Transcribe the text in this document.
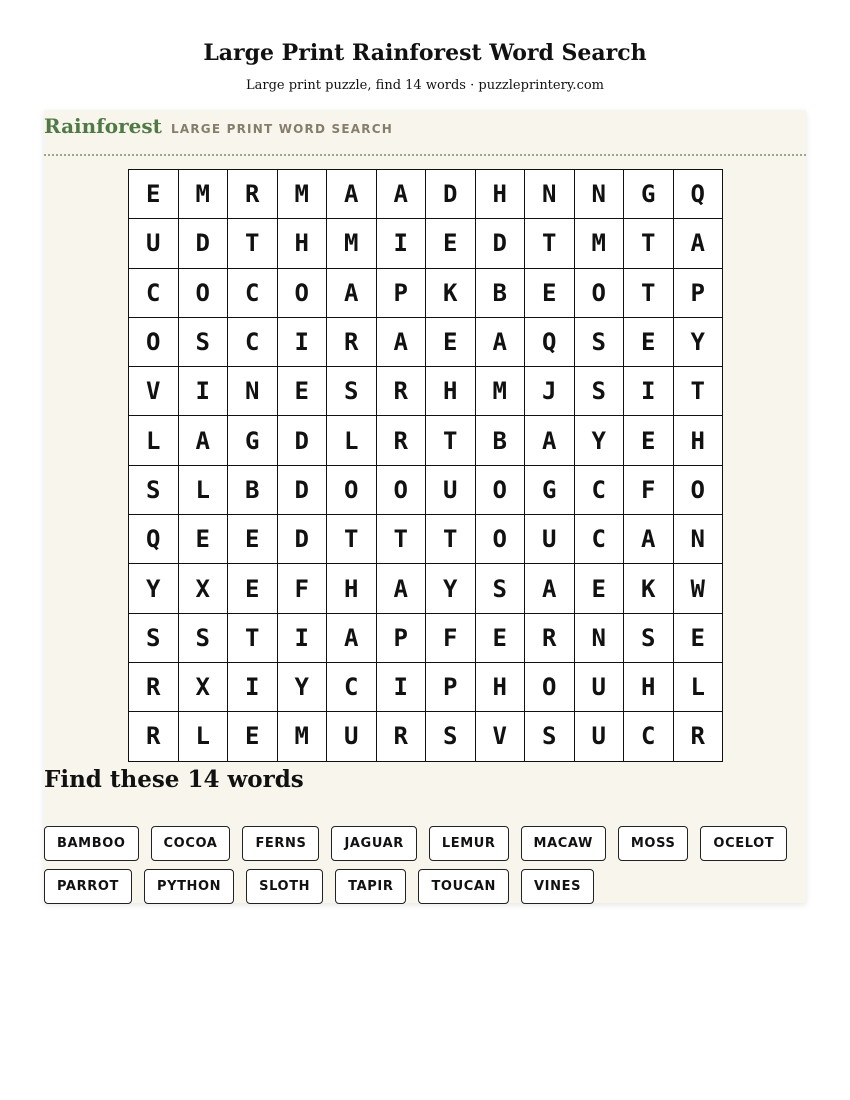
Large Print Rainforest Word Search

Large print puzzle, find 14 words · puzzleprintery.com

Rainforest LARGE PRINT WORD SEARCH
E	M	R	M	A	A	D	H	N	N	G	Q
U	D	T	H	M	I	E	D	T	M	T	A
C	O	C	O	A	P	K	B	E	O	T	P
O	S	C	I	R	A	E	A	Q	S	E	Y
V	I	N	E	S	R	H	M	J	S	I	T
L	A	G	D	L	R	T	B	A	Y	E	H
S	L	B	D	O	O	U	O	G	C	F	O
Q	E	E	D	T	T	T	O	U	C	A	N
Y	X	E	F	H	A	Y	S	A	E	K	W
S	S	T	I	A	P	F	E	R	N	S	E
R	X	I	Y	C	I	P	H	O	U	H	L
R	L	E	M	U	R	S	V	S	U	C	R
Find these 14 words
BAMBOO	COCOA	FERNS	JAGUAR	LEMUR	MACAW	MOSS	OCELOT
PARROT	PYTHON	SLOTH	TAPIR	TOUCAN	VINES
